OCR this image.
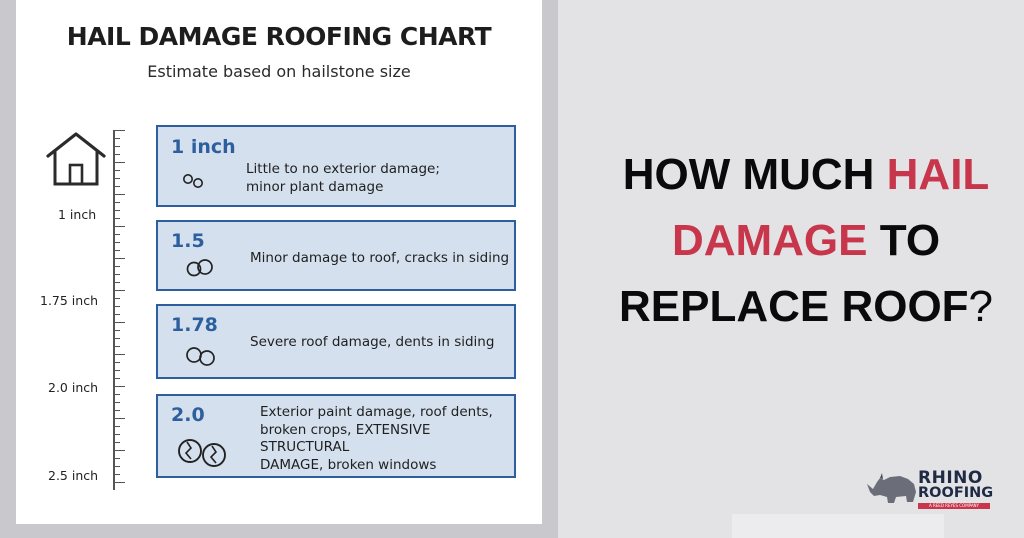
HAIL DAMAGE ROOFING CHART
Estimate based on hailstone size
1 inch
1.75 inch
2.0 inch
2.5 inch
1 inch
Little to no exterior damage;
minor plant damage
1.5
Minor damage to roof, cracks in siding
1.78
Severe roof damage, dents in siding
2.0	Exterior paint damage, roof dents,
broken crops, EXTENSIVE STRUCTURAL
DAMAGE, broken windows
HOW MUCH HAIL
DAMAGE TO
REPLACE ROOF?
RHINO
ROOFING
A REED REYES COMPANY
